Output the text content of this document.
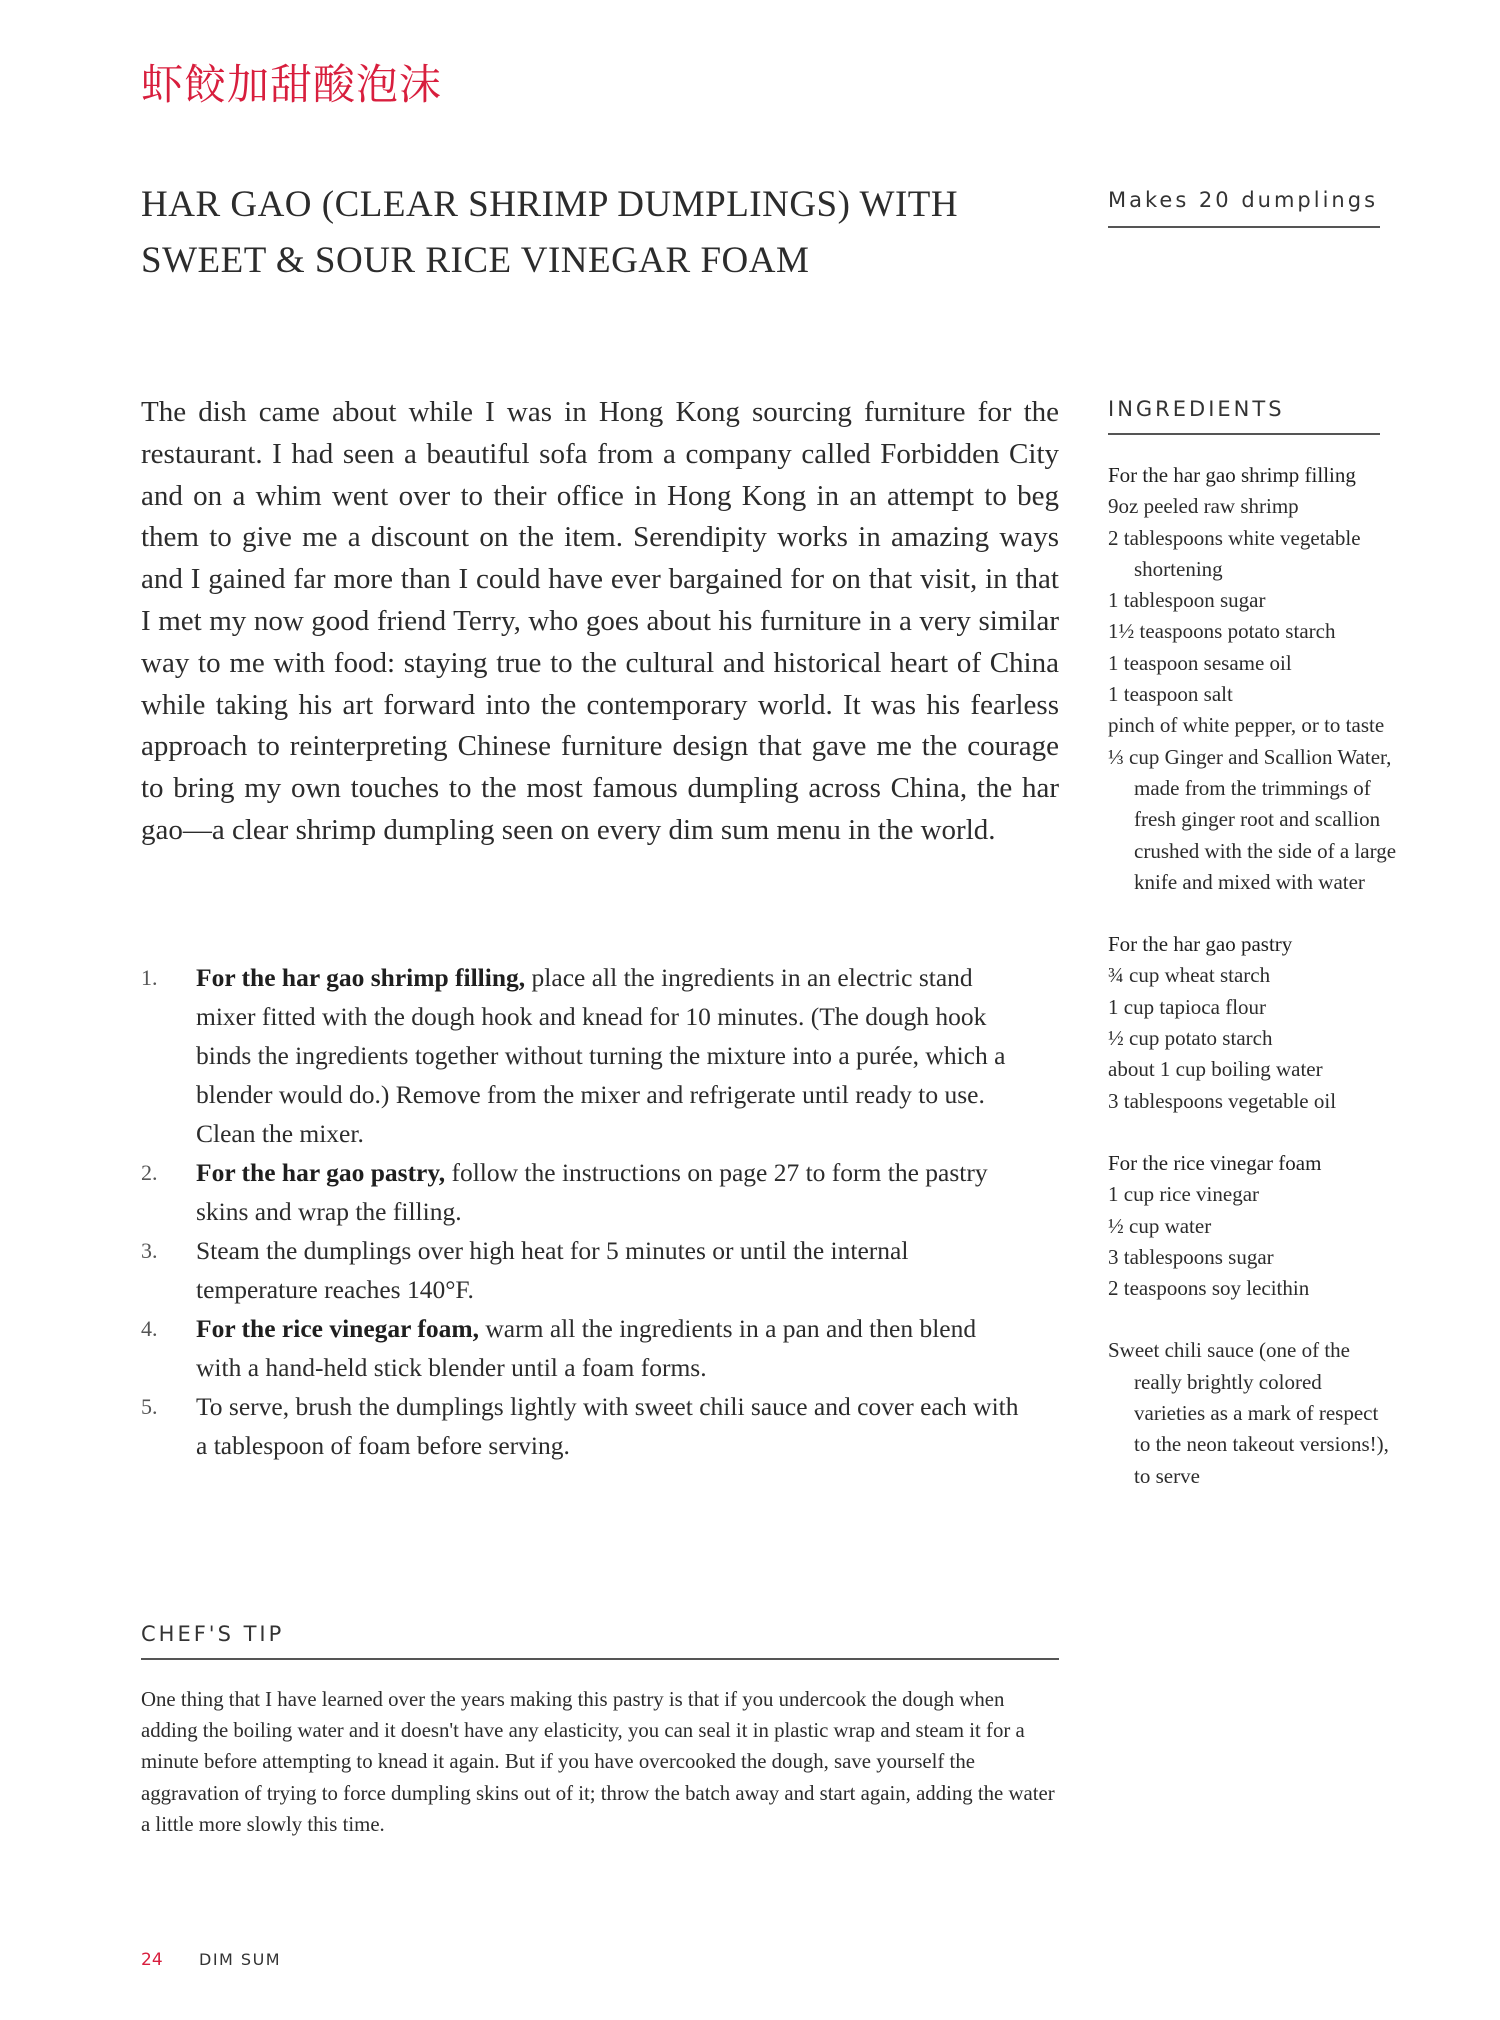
虾餃加甜酸泡沫
HAR GAO (CLEAR SHRIMP DUMPLINGS) WITH
SWEET & SOUR RICE VINEGAR FOAM
Makes 20 dumplings

The dish came about while I was in Hong Kong sourcing furniture for the restaurant. I had seen a beautiful sofa from a company called Forbidden City and on a whim went over to their office in Hong Kong in an attempt to beg them to give me a discount on the item. Serendipity works in amazing ways and I gained far more than I could have ever bargained for on that visit, in that I met my now good friend Terry, who goes about his furniture in a very similar way to me with food: staying true to the cultural and historical heart of China while taking his art forward into the contemporary world. It was his fearless approach to reinterpreting Chinese furniture design that gave me the courage to bring my own touches to the most famous dumpling across China, the har gao—a clear shrimp dumpling seen on every dim sum menu in the world.

1. For the har gao shrimp filling, place all the ingredients in an electric stand mixer fitted with the dough hook and knead for 10 minutes. (The dough hook binds the ingredients together without turning the mixture into a purée, which a blender would do.) Remove from the mixer and refrigerate until ready to use. Clean the mixer.
2. For the har gao pastry, follow the instructions on page 27 to form the pastry skins and wrap the filling.
3. Steam the dumplings over high heat for 5 minutes or until the internal temperature reaches 140°F.
4. For the rice vinegar foam, warm all the ingredients in a pan and then blend with a hand-held stick blender until a foam forms.
5. To serve, brush the dumplings lightly with sweet chili sauce and cover each with a tablespoon of foam before serving.
CHEF'S TIP

One thing that I have learned over the years making this pastry is that if you undercook the dough when adding the boiling water and it doesn't have any elasticity, you can seal it in plastic wrap and steam it for a minute before attempting to knead it again. But if you have overcooked the dough, save yourself the aggravation of trying to force dumpling skins out of it; throw the batch away and start again, adding the water a little more slowly this time.

INGREDIENTS
For the har gao shrimp filling
9oz peeled raw shrimp
2 tablespoons white vegetable shortening
1 tablespoon sugar
1½ teaspoons potato starch
1 teaspoon sesame oil
1 teaspoon salt
pinch of white pepper, or to taste
⅓ cup Ginger and Scallion Water, made from the trimmings of fresh ginger root and scallion crushed with the side of a large knife and mixed with water
For the har gao pastry
¾ cup wheat starch
1 cup tapioca flour
½ cup potato starch
about 1 cup boiling water
3 tablespoons vegetable oil
For the rice vinegar foam
1 cup rice vinegar
½ cup water
3 tablespoons sugar
2 teaspoons soy lecithin
Sweet chili sauce (one of the really brightly colored varieties as a mark of respect to the neon takeout versions!), to serve
24 DIM SUM
